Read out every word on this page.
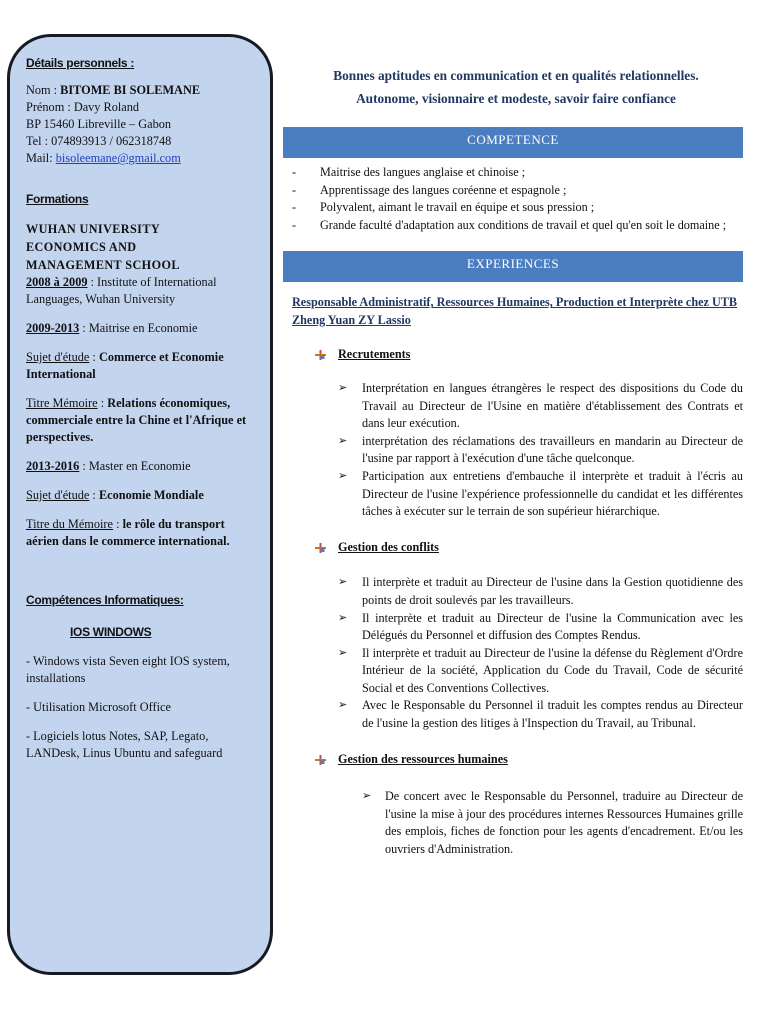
Détails personnels :

Nom : BITOME BI SOLEMANE

Prénom : Davy Roland

BP 15460 Libreville – Gabon

Tel : 074893913 / 062318748

Mail: bisoleemane@gmail.com

Formations
WUHAN UNIVERSITY
ECONOMICS AND
MANAGEMENT SCHOOL

2008 à 2009 : Institute of International Languages, Wuhan University

2009-2013 : Maitrise en Economie

Sujet d'étude : Commerce et Economie International

Titre Mémoire : Relations économiques, commerciale entre la Chine et l'Afrique et perspectives.

2013-2016 : Master en Economie

Sujet d'étude : Economie Mondiale

Titre du Mémoire : le rôle du transport aérien dans le commerce international.

Compétences Informatiques:
IOS WINDOWS

- Windows vista Seven eight IOS system, installations

- Utilisation Microsoft Office

- Logiciels lotus Notes, SAP, Legato, LANDesk, Linus Ubuntu and safeguard

Bonnes aptitudes en communication et en qualités relationnelles.
Autonome, visionnaire et modeste, savoir faire confiance
COMPETENCE
- Maitrise des langues anglaise et chinoise ;
- Apprentissage des langues coréenne et espagnole ;
- Polyvalent, aimant le travail en équipe et sous pression ;
- Grande faculté d'adaptation aux conditions de travail et quel qu'en soit le domaine ;
EXPERIENCES
Responsable Administratif, Ressources Humaines, Production et Interprète chez UTB Zheng Yuan ZY Lassio
Recrutements
➢ Interprétation en langues étrangères le respect des dispositions du Code du Travail au Directeur de l'Usine en matière d'établissement des Contrats et dans leur exécution.
➢ interprétation des réclamations des travailleurs en mandarin au Directeur de l'usine par rapport à l'exécution d'une tâche quelconque.
➢ Participation aux entretiens d'embauche il interprète et traduit à l'écris au Directeur de l'usine l'expérience professionnelle du candidat et les différentes tâches à exécuter sur le terrain de son supérieur hiérarchique.
Gestion des conflits
➢ Il interprète et traduit au Directeur de l'usine dans la Gestion quotidienne des points de droit soulevés par les travailleurs.
➢ Il interprète et traduit au Directeur de l'usine la Communication avec les Délégués du Personnel et diffusion des Comptes Rendus.
➢ Il interprète et traduit au Directeur de l'usine la défense du Règlement d'Ordre Intérieur de la société, Application du Code du Travail, Code de sécurité Social et des Conventions Collectives.
➢ Avec le Responsable du Personnel il traduit les comptes rendus au Directeur de l'usine la gestion des litiges à l'Inspection du Travail, au Tribunal.
Gestion des ressources humaines
➢ De concert avec le Responsable du Personnel, traduire au Directeur de l'usine la mise à jour des procédures internes Ressources Humaines grille des emplois, fiches de fonction pour les agents d'encadrement. Et/ou les ouvriers d'Administration.
